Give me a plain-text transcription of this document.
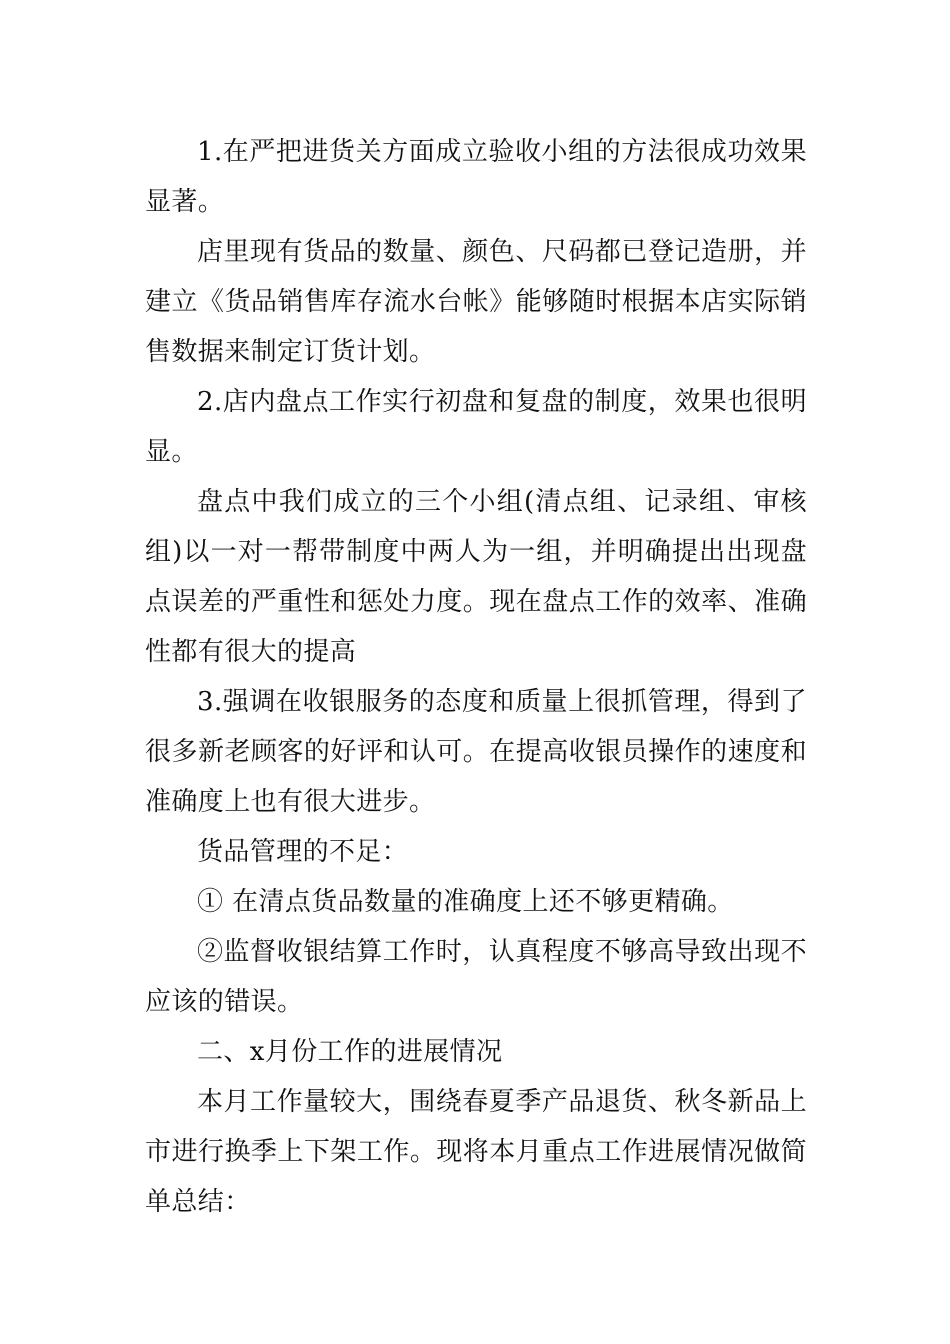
1.在严把进货关方面成立验收小组的方法很成功效果显著。

店里现有货品的数量、颜色、尺码都已登记造册，并建立《货品销售库存流水台帐》能够随时根据本店实际销售数据来制定订货计划。

2.店内盘点工作实行初盘和复盘的制度，效果也很明显。

盘点中我们成立的三个小组(清点组、记录组、审核组)以一对一帮带制度中两人为一组，并明确提出出现盘点误差的严重性和惩处力度。现在盘点工作的效率、准确性都有很大的提高

3.强调在收银服务的态度和质量上很抓管理，得到了很多新老顾客的好评和认可。在提高收银员操作的速度和准确度上也有很大进步。

货品管理的不足：

① 在清点货品数量的准确度上还不够更精确。

②监督收银结算工作时，认真程度不够高导致出现不应该的错误。

二、x月份工作的进展情况

本月工作量较大，围绕春夏季产品退货、秋冬新品上市进行换季上下架工作。现将本月重点工作进展情况做简单总结：
